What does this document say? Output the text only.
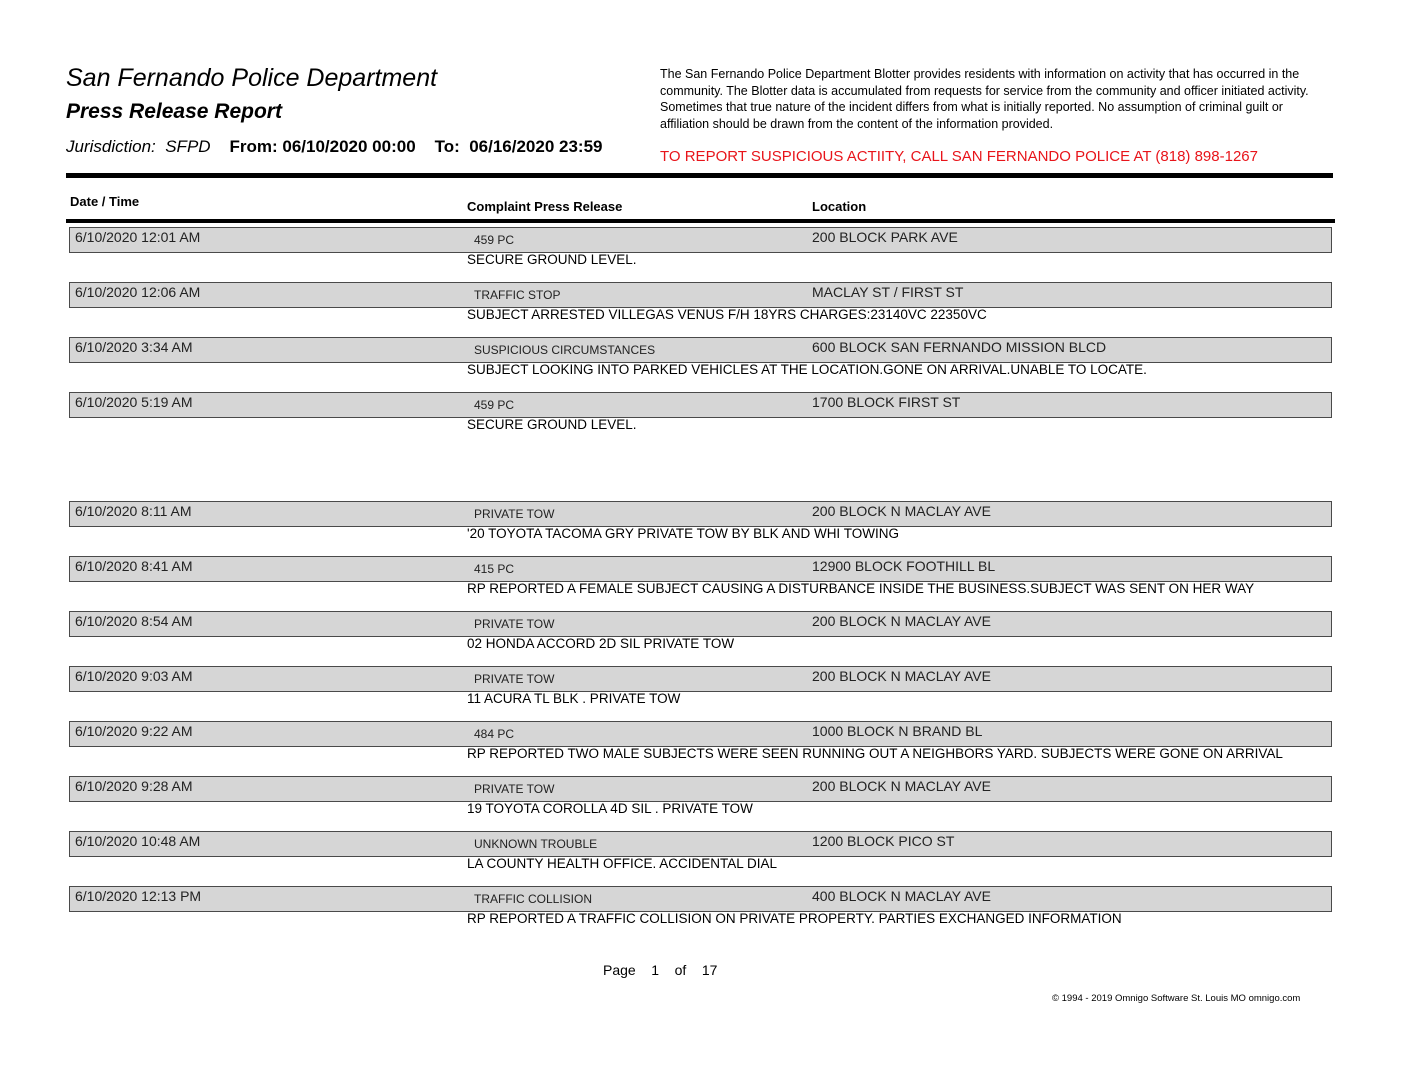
San Fernando Police Department
Press Release Report
Jurisdiction: SFPD From: 06/10/2020 00:00 To: 06/16/2020 23:59
The San Fernando Police Department Blotter provides residents with information on activity that has occurred in the community. The Blotter data is accumulated from requests for service from the community and officer initiated activity. Sometimes that true nature of the incident differs from what is initially reported. No assumption of criminal guilt or affiliation should be drawn from the content of the information provided.
TO REPORT SUSPICIOUS ACTIITY, CALL SAN FERNANDO POLICE AT (818) 898-1267
Date / Time	Complaint Press Release	Location
6/10/2020 12:01 AM	459 PC	200 BLOCK PARK AVE
SECURE GROUND LEVEL.
6/10/2020 12:06 AM	TRAFFIC STOP	MACLAY ST / FIRST ST
SUBJECT ARRESTED VILLEGAS VENUS F/H 18YRS CHARGES:23140VC 22350VC
6/10/2020 3:34 AM	SUSPICIOUS CIRCUMSTANCES	600 BLOCK SAN FERNANDO MISSION BLCD
SUBJECT LOOKING INTO PARKED VEHICLES AT THE LOCATION.GONE ON ARRIVAL.UNABLE TO LOCATE.
6/10/2020 5:19 AM	459 PC	1700 BLOCK FIRST ST
SECURE GROUND LEVEL.
6/10/2020 8:11 AM	PRIVATE TOW	200 BLOCK N MACLAY AVE
'20 TOYOTA TACOMA GRY PRIVATE TOW BY BLK AND WHI TOWING
6/10/2020 8:41 AM	415 PC	12900 BLOCK FOOTHILL BL
RP REPORTED A FEMALE SUBJECT CAUSING A DISTURBANCE INSIDE THE BUSINESS.SUBJECT WAS SENT ON HER WAY
6/10/2020 8:54 AM	PRIVATE TOW	200 BLOCK N MACLAY AVE
02 HONDA ACCORD 2D SIL PRIVATE TOW
6/10/2020 9:03 AM	PRIVATE TOW	200 BLOCK N MACLAY AVE
11 ACURA TL BLK . PRIVATE TOW
6/10/2020 9:22 AM	484 PC	1000 BLOCK N BRAND BL
RP REPORTED TWO MALE SUBJECTS WERE SEEN RUNNING OUT A NEIGHBORS YARD. SUBJECTS WERE GONE ON ARRIVAL
6/10/2020 9:28 AM	PRIVATE TOW	200 BLOCK N MACLAY AVE
19 TOYOTA COROLLA 4D SIL . PRIVATE TOW
6/10/2020 10:48 AM	UNKNOWN TROUBLE	1200 BLOCK PICO ST
LA COUNTY HEALTH OFFICE. ACCIDENTAL DIAL
6/10/2020 12:13 PM	TRAFFIC COLLISION	400 BLOCK N MACLAY AVE
RP REPORTED A TRAFFIC COLLISION ON PRIVATE PROPERTY. PARTIES EXCHANGED INFORMATION
Page 1 of 17
© 1994 - 2019 Omnigo Software St. Louis MO omnigo.com
